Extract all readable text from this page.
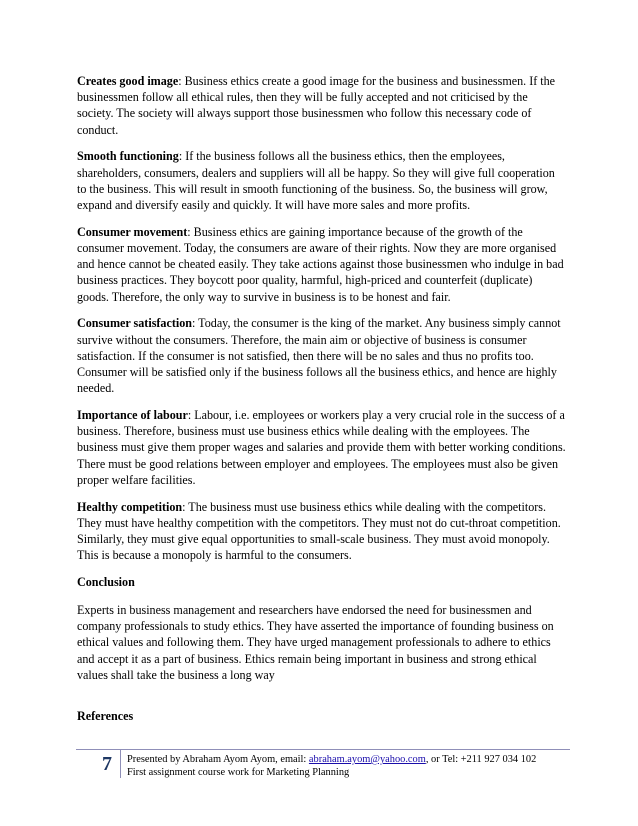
Creates good image: Business ethics create a good image for the business and businessmen. If the businessmen follow all ethical rules, then they will be fully accepted and not criticised by the society. The society will always support those businessmen who follow this necessary code of conduct.

Smooth functioning: If the business follows all the business ethics, then the employees, shareholders, consumers, dealers and suppliers will all be happy. So they will give full cooperation to the business. This will result in smooth functioning of the business. So, the business will grow, expand and diversify easily and quickly. It will have more sales and more profits.

Consumer movement: Business ethics are gaining importance because of the growth of the consumer movement. Today, the consumers are aware of their rights. Now they are more organised and hence cannot be cheated easily. They take actions against those businessmen who indulge in bad business practices. They boycott poor quality, harmful, high-priced and counterfeit (duplicate) goods. Therefore, the only way to survive in business is to be honest and fair.

Consumer satisfaction: Today, the consumer is the king of the market. Any business simply cannot survive without the consumers. Therefore, the main aim or objective of business is consumer satisfaction. If the consumer is not satisfied, then there will be no sales and thus no profits too. Consumer will be satisfied only if the business follows all the business ethics, and hence are highly needed.

Importance of labour: Labour, i.e. employees or workers play a very crucial role in the success of a business. Therefore, business must use business ethics while dealing with the employees. The business must give them proper wages and salaries and provide them with better working conditions. There must be good relations between employer and employees. The employees must also be given proper welfare facilities.

Healthy competition: The business must use business ethics while dealing with the competitors. They must have healthy competition with the competitors. They must not do cut-throat competition. Similarly, they must give equal opportunities to small-scale business. They must avoid monopoly. This is because a monopoly is harmful to the consumers.

Conclusion

Experts in business management and researchers have endorsed the need for businessmen and company professionals to study ethics. They have asserted the importance of founding business on ethical values and following them. They have urged management professionals to adhere to ethics and accept it as a part of business. Ethics remain being important in business and strong ethical values shall take the business a long way

References
7 Presented by Abraham Ayom Ayom, email: abraham.ayom@yahoo.com, or Tel: +211 927 034 102
First assignment course work for Marketing Planning
